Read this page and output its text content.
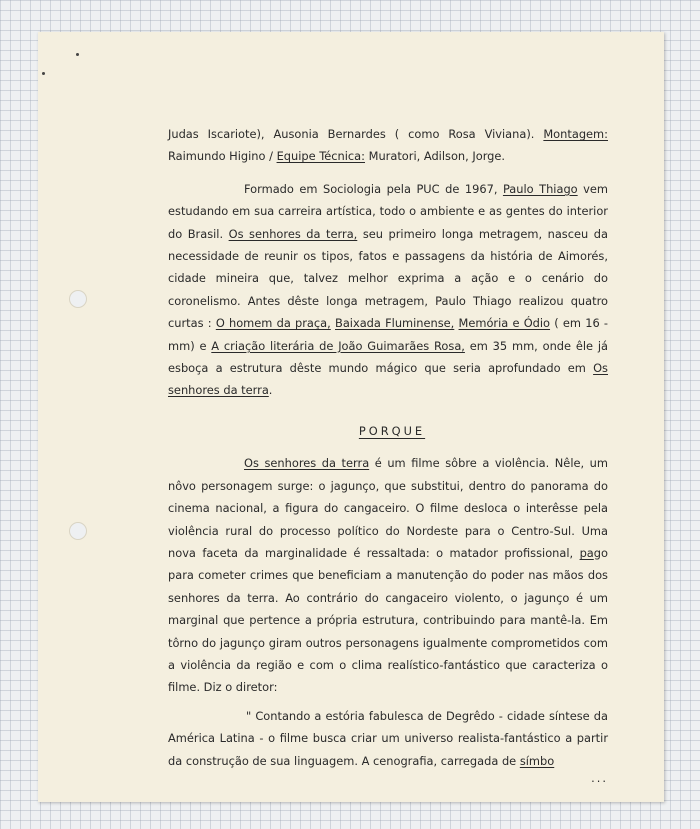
Judas Iscariote), Ausonia Bernardes ( como Rosa Viviana). Montagem: Raimundo Higino / Equipe Técnica: Muratori, Adilson, Jorge.

Formado em Sociologia pela PUC de 1967, Paulo Thiago vem estudando em sua carreira artística, todo o ambiente e as gentes do interior do Brasil. Os senhores da terra, seu primeiro longa metragem, nasceu da necessidade de reunir os tipos, fatos e passagens da história de Aimorés, cidade mineira que, talvez melhor exprima a ação e o cenário do coronelismo. Antes dêste longa metragem, Paulo Thiago realizou quatro curtas : O homem da praça, Baixada Fluminense, Memória e Ódio ( em 16 - mm) e A criação literária de João Guimarães Rosa, em 35 mm, onde êle já esboça a estrutura dêste mundo mágico que seria aprofundado em Os senhores da terra.

PORQUE

Os senhores da terra é um filme sôbre a violência. Nêle, um nôvo personagem surge: o jagunço, que substitui, dentro do panorama do cinema nacional, a figura do cangaceiro. O filme desloca o interêsse pela violência rural do processo político do Nordeste para o Centro-Sul. Uma nova faceta da marginalidade é ressaltada: o matador profissional, pago para cometer crimes que beneficiam a manutenção do poder nas mãos dos senhores da terra. Ao contrário do cangaceiro violento, o jagunço é um marginal que pertence a própria estrutura, contribuindo para mantê-la. Em tôrno do jagunço giram outros personagens igualmente comprometidos com a violência da região e com o clima realístico-fantástico que caracteriza o filme. Diz o diretor:

" Contando a estória fabulesca de Degrêdo - cidade síntese da América Latina - o filme busca criar um universo realista-fantástico a partir da construção de sua linguagem. A cenografia, carregada de símbo

...
